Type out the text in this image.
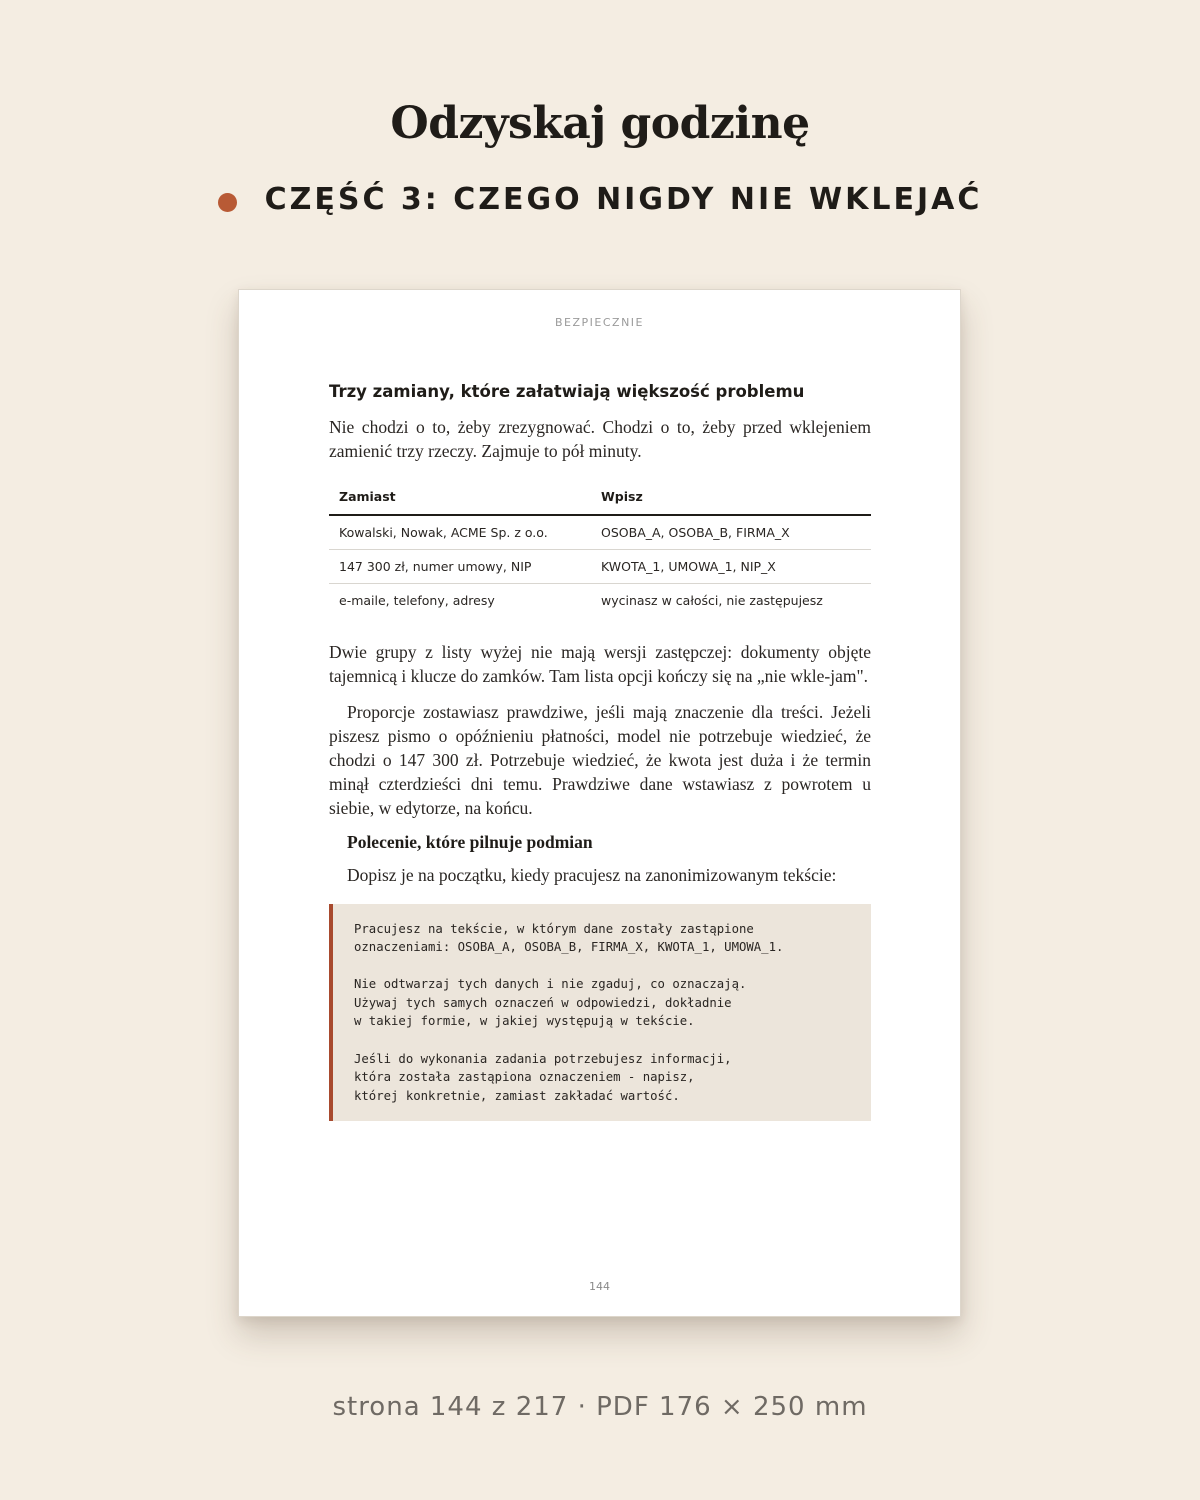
Odzyskaj godzinę
CZĘŚĆ 3: CZEGO NIGDY NIE WKLEJAĆ
BEZPIECZNIE
Trzy zamiany, które załatwiają większość problemu

Nie chodzi o to, żeby zrezygnować. Chodzi o to, żeby przed wklejeniem zamienić trzy rzeczy. Zajmuje to pół minuty.

Zamiast	Wpisz
Kowalski, Nowak, ACME Sp. z o.o.	OSOBA_A, OSOBA_B, FIRMA_X
147 300 zł, numer umowy, NIP	KWOTA_1, UMOWA_1, NIP_X
e-maile, telefony, adresy	wycinasz w całości, nie zastępujesz

Dwie grupy z listy wyżej nie mają wersji zastępczej: dokumenty objęte tajemnicą i klucze do zamków. Tam lista opcji kończy się na „nie wkle-jam".

Proporcje zostawiasz prawdziwe, jeśli mają znaczenie dla treści. Jeżeli piszesz pismo o opóźnieniu płatności, model nie potrzebuje wiedzieć, że chodzi o 147 300 zł. Potrzebuje wiedzieć, że kwota jest duża i że termin minął czterdzieści dni temu. Prawdziwe dane wstawiasz z powrotem u siebie, w edytorze, na końcu.

Polecenie, które pilnuje podmian
Dopisz je na początku, kiedy pracujesz na zanonimizowanym tekście:
Pracujesz na tekście, w którym dane zostały zastąpione
oznaczeniami: OSOBA_A, OSOBA_B, FIRMA_X, KWOTA_1, UMOWA_1.

Nie odtwarzaj tych danych i nie zgaduj, co oznaczają.
Używaj tych samych oznaczeń w odpowiedzi, dokładnie
w takiej formie, w jakiej występują w tekście.

Jeśli do wykonania zadania potrzebujesz informacji,
która została zastąpiona oznaczeniem - napisz,
której konkretnie, zamiast zakładać wartość.
144
strona 144 z 217 · PDF 176 × 250 mm
